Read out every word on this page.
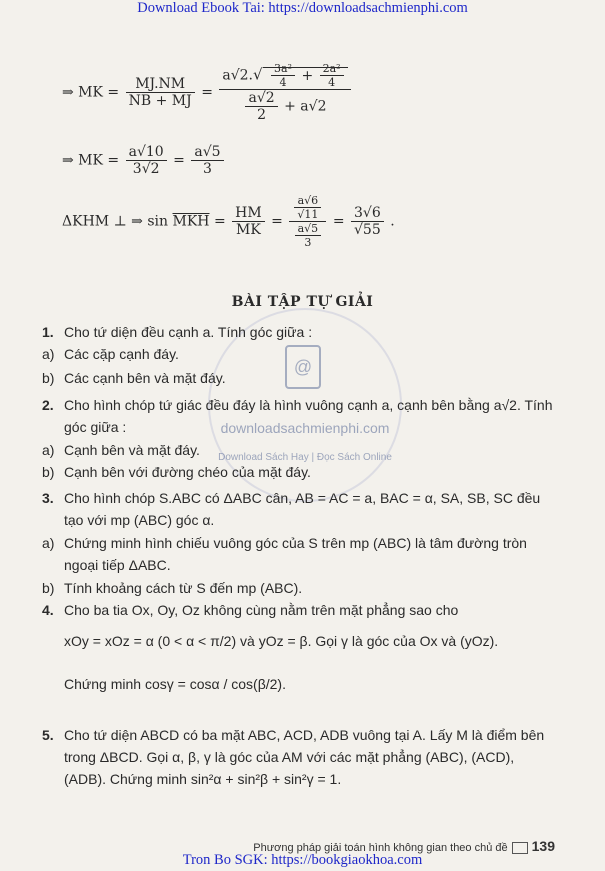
Download Ebook Tai: https://downloadsachmienphi.com
@
downloadsachmienphi.com
Download Sách Hay | Đọc Sách Online
⇒ MK = $\frac{MJ.NM}{NB + MJ} = \frac{a√2.√ \frac{\text{3a²}}{4} + \frac{\text{2a²}}{4}}{\frac{a√2}{2} + a√2}$
⇒ MK = $\frac{a√10}{3√2} = \frac{a√5}{3}$
ΔKHM ⊥ ⇒ $\sin \overline{MKH} = \frac{HM}{MK} = \frac{\frac{a√6}{√11}}{\frac{a√5}{3}} = \frac{3√6}{√55}$ .
BÀI TẬP TỰ GIẢI
1. Cho tứ diện đều cạnh a. Tính góc giữa :
a) Các cặp cạnh đáy.
b) Các cạnh bên và mặt đáy.
2. Cho hình chóp tứ giác đều đáy là hình vuông cạnh a, cạnh bên bằng a√2. Tính góc giữa :
a) Cạnh bên và mặt đáy.
b) Cạnh bên với đường chéo của mặt đáy.
3. Cho hình chóp S.ABC có ΔABC cân, AB = AC = a, BAC = α, SA, SB, SC đều tạo với mp (ABC) góc α.
a) Chứng minh hình chiếu vuông góc của S trên mp (ABC) là tâm đường tròn ngoại tiếp ΔABC.
b) Tính khoảng cách từ S đến mp (ABC).
4. Cho ba tia Ox, Oy, Oz không cùng nằm trên mặt phẳng sao cho
xOy = xOz = α (0 < α < π/2) và yOz = β. Gọi γ là góc của Ox và (yOz).
Chứng minh cosγ = cosα / cos(β/2).
5. Cho tứ diện ABCD có ba mặt ABC, ACD, ADB vuông tại A. Lấy M là điểm bên trong ΔBCD. Gọi α, β, γ là góc của AM với các mặt phẳng (ABC), (ACD), (ADB). Chứng minh sin²α + sin²β + sin²γ = 1.
Phương pháp giải toán hình không gian theo chủ đề 139
Tron Bo SGK: https://bookgiaokhoa.com
